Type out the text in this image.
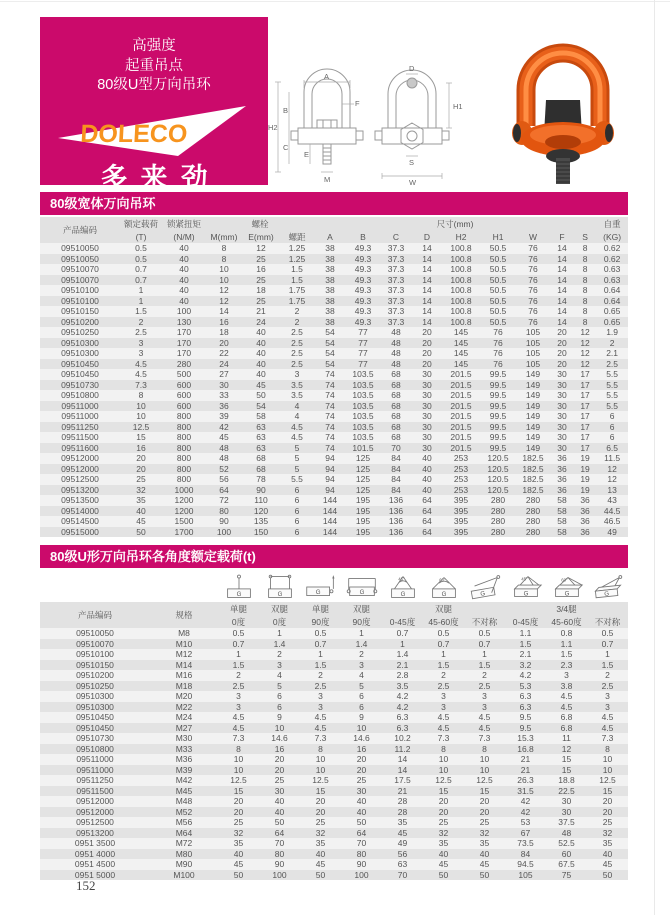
高强度
起重吊点
80级U型万向吊环
DOLECO
多来劲
A
H2
B
C
F
E
M
D
H1
S
W
80级宽体万向吊环
产品编码	额定载荷	锁紧扭矩	螺栓			尺寸(mm)									自重
	(T)	(N/M)	M(mm)	E(mm)	螺距	A	B	C	D	H2	H1	W	F	S	(KG)
09510050	0.5	40	8	12	1.25	38	49.3	37.3	14	100.8	50.5	76	14	8	0.62
09510050	0.5	40	8	25	1.25	38	49.3	37.3	14	100.8	50.5	76	14	8	0.62
09510070	0.7	40	10	16	1.5	38	49.3	37.3	14	100.8	50.5	76	14	8	0.63
09510070	0.7	40	10	25	1.5	38	49.3	37.3	14	100.8	50.5	76	14	8	0.63
09510100	1	40	12	18	1.75	38	49.3	37.3	14	100.8	50.5	76	14	8	0.64
09510100	1	40	12	25	1.75	38	49.3	37.3	14	100.8	50.5	76	14	8	0.64
09510150	1.5	100	14	21	2	38	49.3	37.3	14	100.8	50.5	76	14	8	0.65
09510200	2	130	16	24	2	38	49.3	37.3	14	100.8	50.5	76	14	8	0.65
09510250	2.5	170	18	40	2.5	54	77	48	20	145	76	105	20	12	1.9
09510300	3	170	20	40	2.5	54	77	48	20	145	76	105	20	12	2
09510300	3	170	22	40	2.5	54	77	48	20	145	76	105	20	12	2.1
09510450	4.5	280	24	40	2.5	54	77	48	20	145	76	105	20	12	2.5
09510450	4.5	500	27	40	3	74	103.5	68	30	201.5	99.5	149	30	17	5.5
09510730	7.3	600	30	45	3.5	74	103.5	68	30	201.5	99.5	149	30	17	5.5
09510800	8	600	33	50	3.5	74	103.5	68	30	201.5	99.5	149	30	17	5.5
09511000	10	600	36	54	4	74	103.5	68	30	201.5	99.5	149	30	17	5.5
09511000	10	800	39	58	4	74	103.5	68	30	201.5	99.5	149	30	17	6
09511250	12.5	800	42	63	4.5	74	103.5	68	30	201.5	99.5	149	30	17	6
09511500	15	800	45	63	4.5	74	103.5	68	30	201.5	99.5	149	30	17	6
09511600	16	800	48	63	5	74	101.5	70	30	201.5	99.5	149	30	17	6.5
09512000	20	800	48	68	5	94	125	84	40	253	120.5	182.5	36	19	11.5
09512000	20	800	52	68	5	94	125	84	40	253	120.5	182.5	36	19	12
09512500	25	800	56	78	5.5	94	125	84	40	253	120.5	182.5	36	19	12
09513200	32	1000	64	90	6	94	125	84	40	253	120.5	182.5	36	19	13
09513500	35	1200	72	110	6	144	195	136	64	395	280	280	58	36	43
09514000	40	1200	80	120	6	144	195	136	64	395	280	280	58	36	44.5
09514500	45	1500	90	135	6	144	195	136	64	395	280	280	58	36	46.5
09515000	50	1700	100	150	6	144	195	136	64	395	280	280	58	36	49
80级U形万向吊环各角度额定载荷(t)
G	G	G	G
45°
G
60°
G	G
45°
G
60°
G	G
产品编码	规格	单腿	双腿	单腿	双腿	双腿			3/4腿		
		0度	0度	90度	90度	0-45度	45-60度	不对称	0-45度	45-60度	不对称
09510050	M8	0.5	1	0.5	1	0.7	0.5	0.5	1.1	0.8	0.5
09510070	M10	0.7	1.4	0.7	1.4	1	0.7	0.7	1.5	1.1	0.7
09510100	M12	1	2	1	2	1.4	1	1	2.1	1.5	1
09510150	M14	1.5	3	1.5	3	2.1	1.5	1.5	3.2	2.3	1.5
09510200	M16	2	4	2	4	2.8	2	2	4.2	3	2
09510250	M18	2.5	5	2.5	5	3.5	2.5	2.5	5.3	3.8	2.5
09510300	M20	3	6	3	6	4.2	3	3	6.3	4.5	3
09510300	M22	3	6	3	6	4.2	3	3	6.3	4.5	3
09510450	M24	4.5	9	4.5	9	6.3	4.5	4.5	9.5	6.8	4.5
09510450	M27	4.5	10	4.5	10	6.3	4.5	4.5	9.5	6.8	4.5
09510730	M30	7.3	14.6	7.3	14.6	10.2	7.3	7.3	15.3	11	7.3
09510800	M33	8	16	8	16	11.2	8	8	16.8	12	8
09511000	M36	10	20	10	20	14	10	10	21	15	10
09511000	M39	10	20	10	20	14	10	10	21	15	10
09511250	M42	12.5	25	12.5	25	17.5	12.5	12.5	26.3	18.8	12.5
09511500	M45	15	30	15	30	21	15	15	31.5	22.5	15
09512000	M48	20	40	20	40	28	20	20	42	30	20
09512000	M52	20	40	20	40	28	20	20	42	30	20
09512500	M56	25	50	25	50	35	25	25	53	37.5	25
09513200	M64	32	64	32	64	45	32	32	67	48	32
0951 3500	M72	35	70	35	70	49	35	35	73.5	52.5	35
0951 4000	M80	40	80	40	80	56	40	40	84	60	40
0951 4500	M90	45	90	45	90	63	45	45	94.5	67.5	45
0951 5000	M100	50	100	50	100	70	50	50	105	75	50
152
